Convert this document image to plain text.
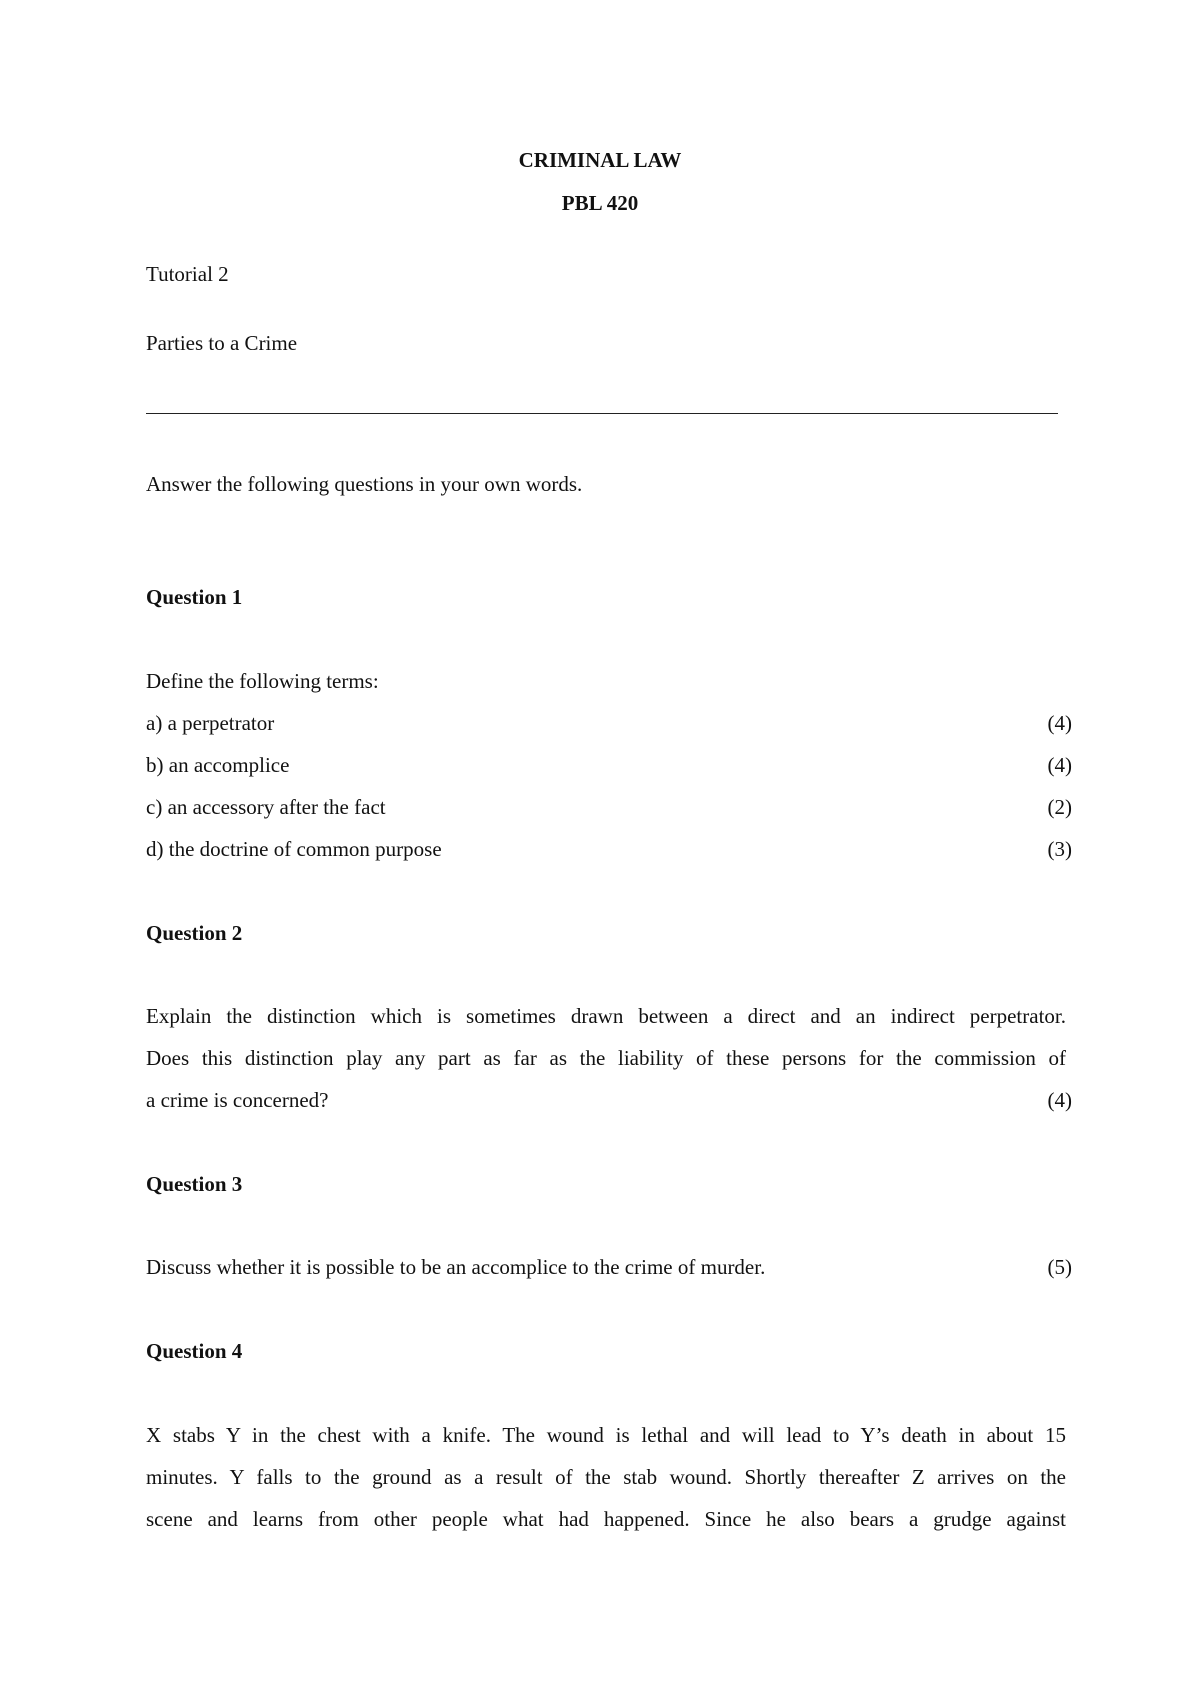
CRIMINAL LAW
PBL 420
Tutorial 2
Parties to a Crime
Answer the following questions in your own words.
Question 1
Define the following terms:
a) a perpetrator	(4)
b) an accomplice	(4)
c) an accessory after the fact	(2)
d) the doctrine of common purpose	(3)
Question 2
Explain the distinction which is sometimes drawn between a direct and an indirect perpetrator.
Does this distinction play any part as far as the liability of these persons for the commission of
a crime is concerned?	(4)
Question 3
Discuss whether it is possible to be an accomplice to the crime of murder.	(5)
Question 4
X stabs Y in the chest with a knife. The wound is lethal and will lead to Y’s death in about 15
minutes. Y falls to the ground as a result of the stab wound. Shortly thereafter Z arrives on the
scene and learns from other people what had happened. Since he also bears a grudge against
